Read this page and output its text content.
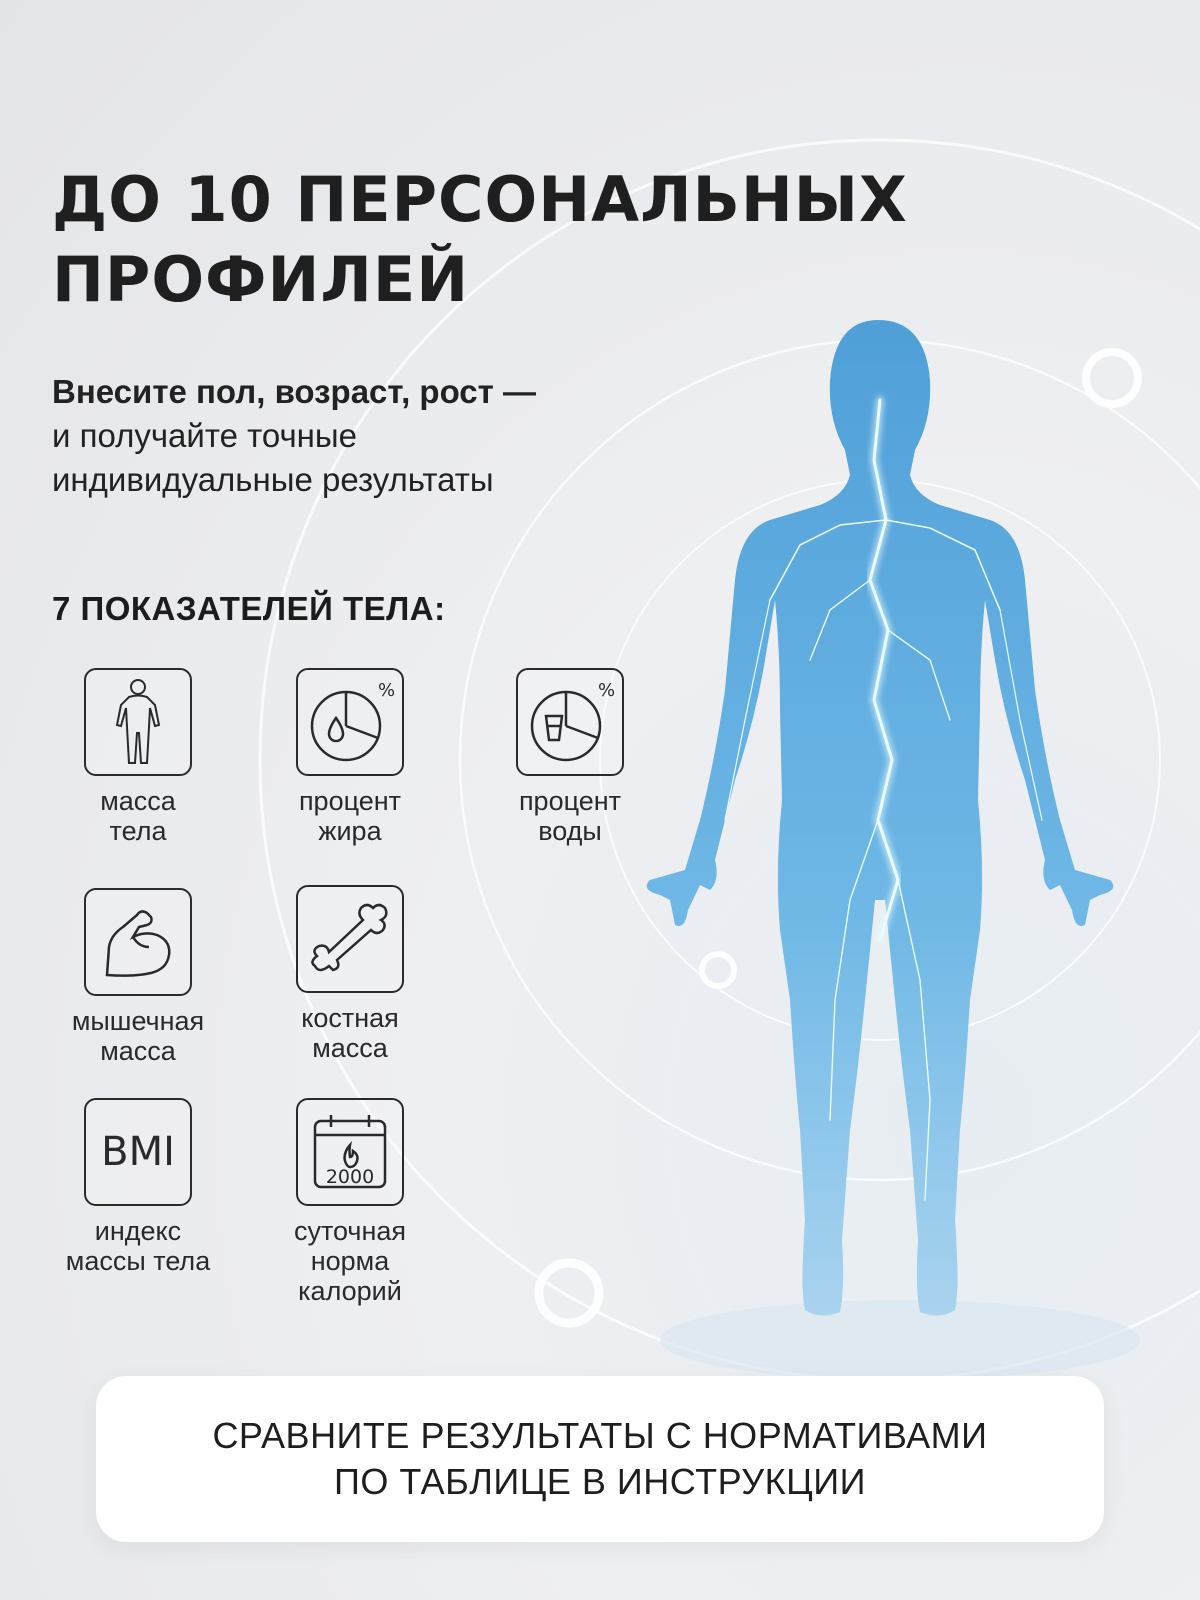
ДО 10 ПЕРСОНАЛЬНЫХ
ПРОФИЛЕЙ
Внесите пол, возраст, рост —
и получайте точные
индивидуальные результаты
7 ПОКАЗАТЕЛЕЙ ТЕЛА:
масса
тела
%
процент
жира
%
процент
воды
мышечная
масса
костная
масса
BMI
индекс
массы тела
2000
суточная
норма
калорий
СРАВНИТЕ РЕЗУЛЬТАТЫ С НОРМАТИВАМИ
ПО ТАБЛИЦЕ В ИНСТРУКЦИИ
